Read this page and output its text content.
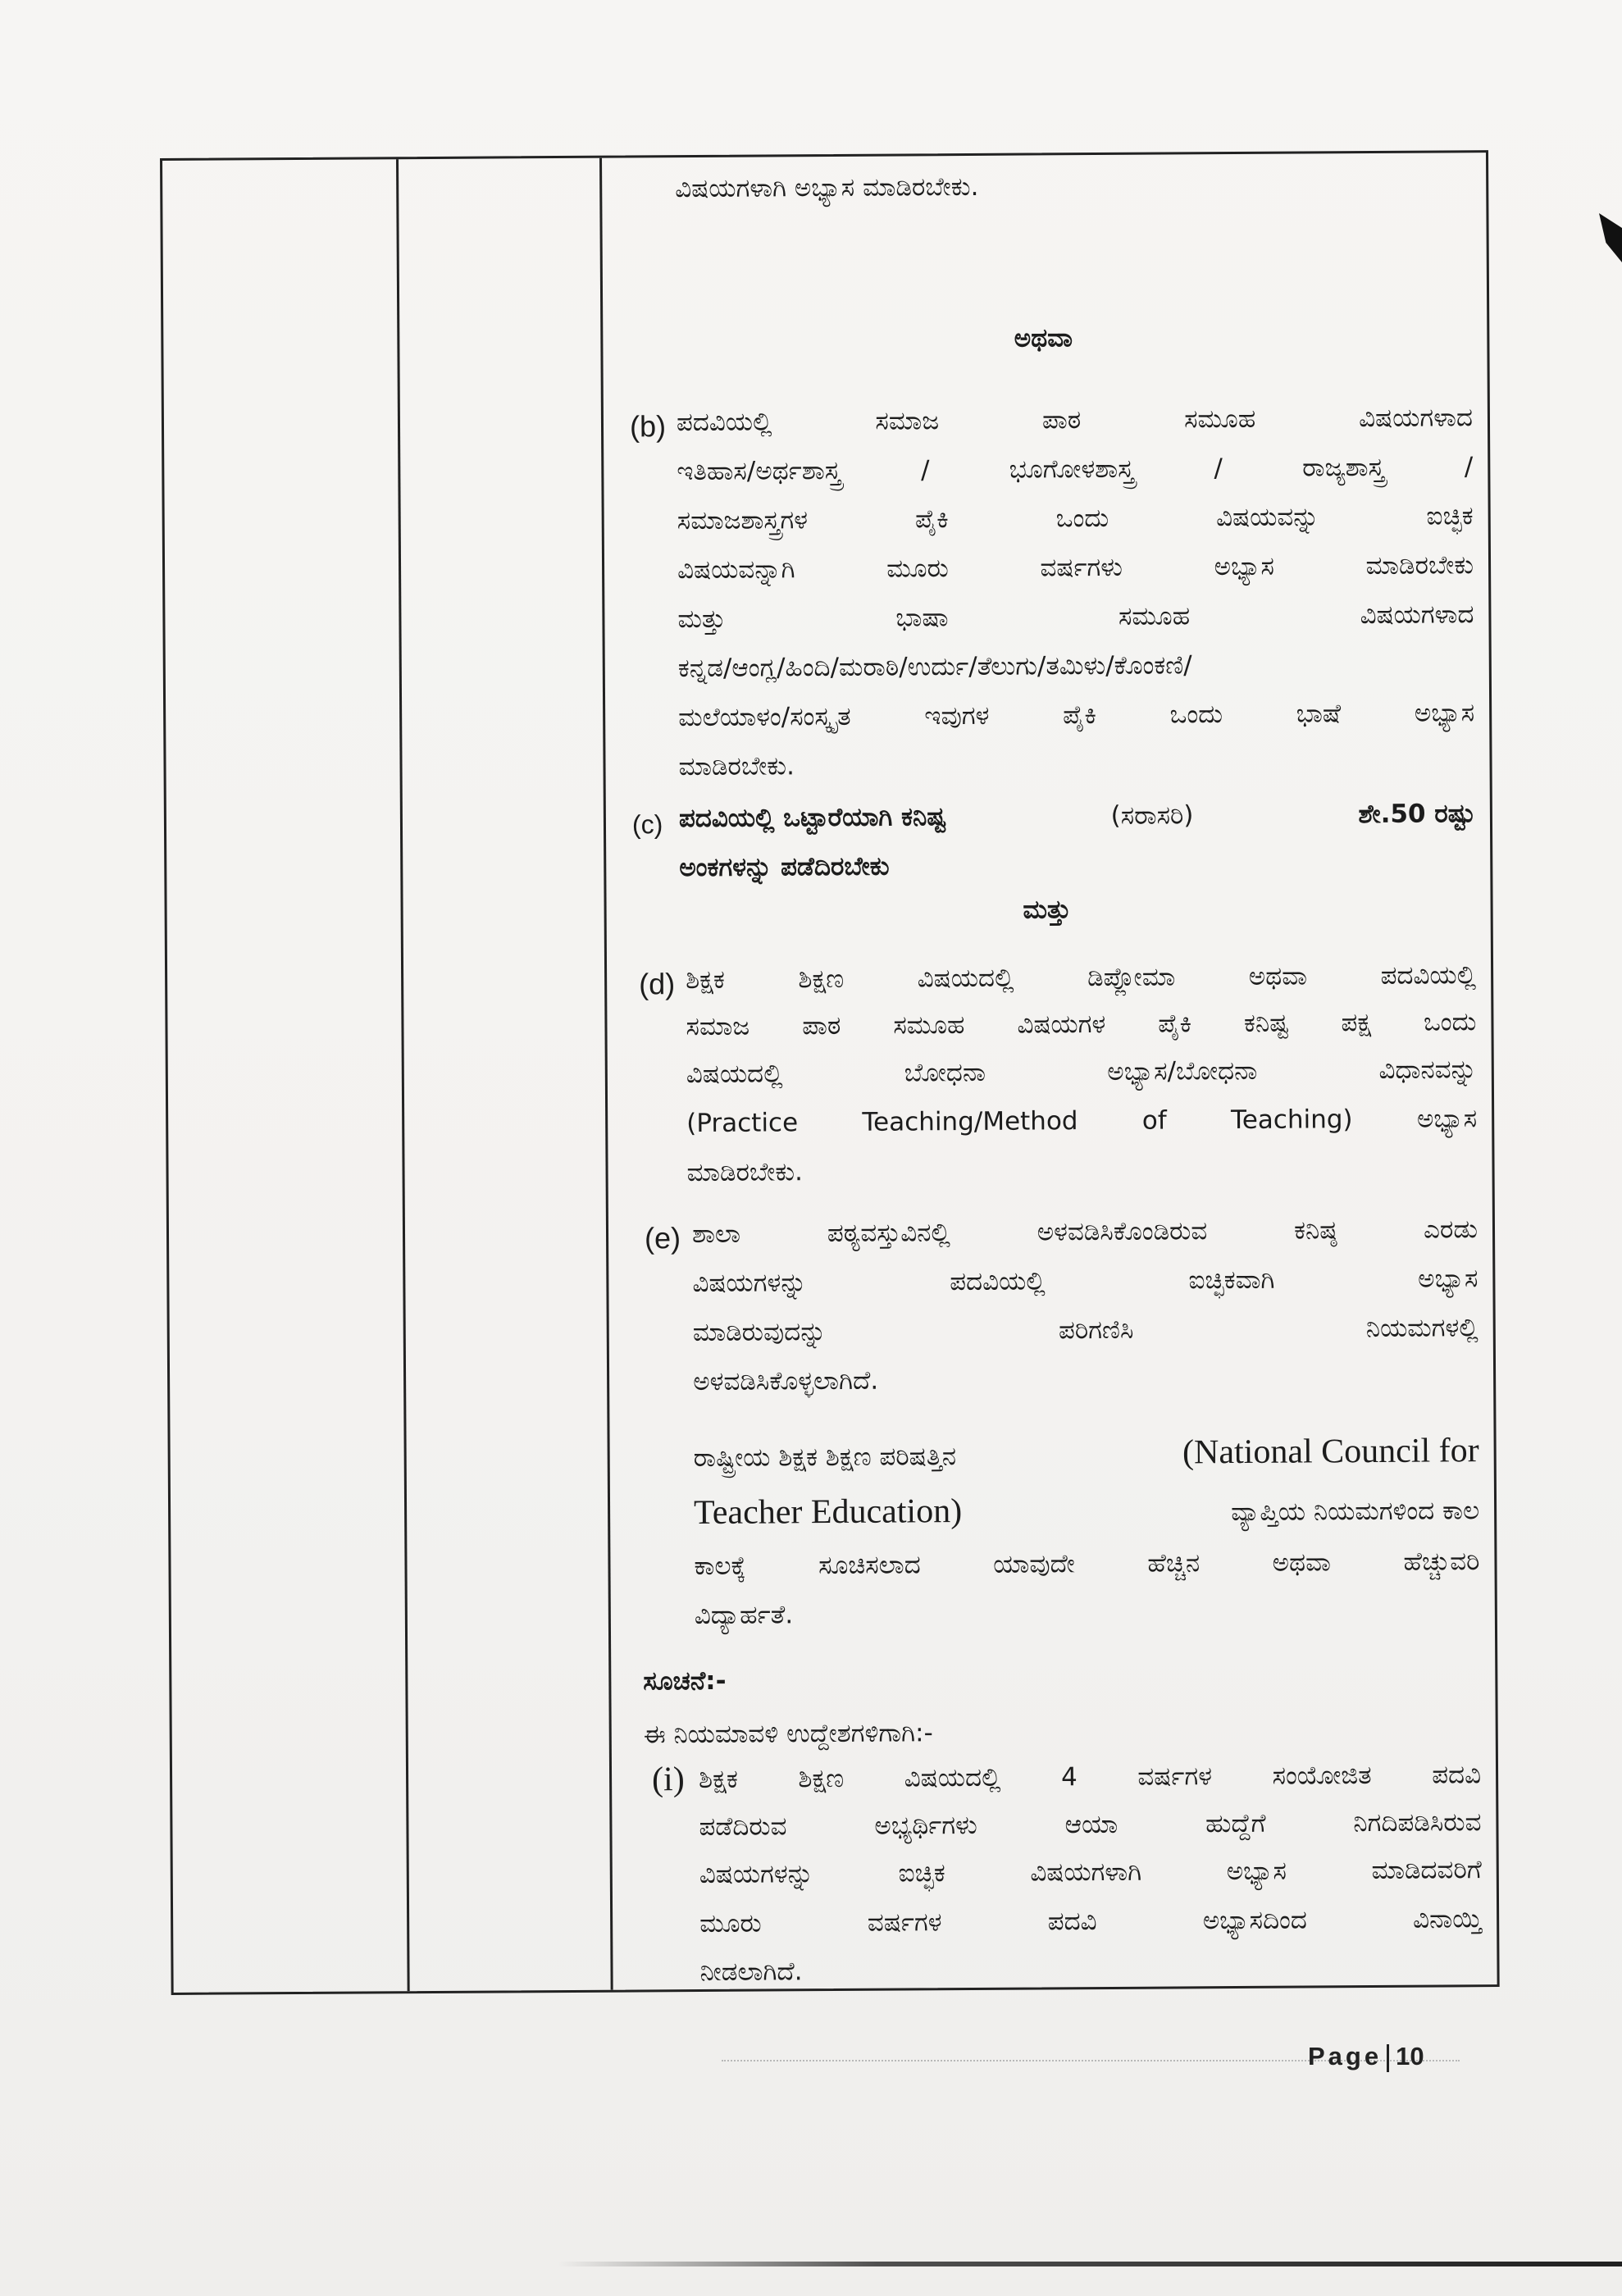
ವಿಷಯಗಳಾಗಿ ಅಭ್ಯಾಸ ಮಾಡಿರಬೇಕು.
ಅಥವಾ
(b) ಪದವಿಯಲ್ಲಿ ಸಮಾಜ ಪಾಠ ಸಮೂಹ ವಿಷಯಗಳಾದ
ಇತಿಹಾಸ/ಅರ್ಥಶಾಸ್ತ್ರ / ಭೂಗೋಳಶಾಸ್ತ್ರ / ರಾಜ್ಯಶಾಸ್ತ್ರ /
ಸಮಾಜಶಾಸ್ತ್ರಗಳ ಪೈಕಿ ಒಂದು ವಿಷಯವನ್ನು ಐಚ್ಛಿಕ
ವಿಷಯವನ್ನಾಗಿ ಮೂರು ವರ್ಷಗಳು ಅಭ್ಯಾಸ ಮಾಡಿರಬೇಕು
ಮತ್ತು ಭಾಷಾ ಸಮೂಹ ವಿಷಯಗಳಾದ
ಕನ್ನಡ/ಆಂಗ್ಲ/ಹಿಂದಿ/ಮರಾಠಿ/ಉರ್ದು/ತೆಲುಗು/ತಮಿಳು/ಕೊಂಕಣಿ/
ಮಲೆಯಾಳಂ/ಸಂಸ್ಕೃತ ಇವುಗಳ ಪೈಕಿ ಒಂದು ಭಾಷೆ ಅಭ್ಯಾಸ
ಮಾಡಿರಬೇಕು.
(c) ಪದವಿಯಲ್ಲಿ ಒಟ್ಟಾರೆಯಾಗಿ ಕನಿಷ್ಟ	(ಸರಾಸರಿ)	ಶೇ.50 ರಷ್ಟು
ಅಂಕಗಳನ್ನು ಪಡೆದಿರಬೇಕು
ಮತ್ತು
(d) ಶಿಕ್ಷಕ ಶಿಕ್ಷಣ ವಿಷಯದಲ್ಲಿ ಡಿಪ್ಲೋಮಾ ಅಥವಾ ಪದವಿಯಲ್ಲಿ
ಸಮಾಜ ಪಾಠ ಸಮೂಹ ವಿಷಯಗಳ ಪೈಕಿ ಕನಿಷ್ಟ ಪಕ್ಷ ಒಂದು
ವಿಷಯದಲ್ಲಿ ಬೋಧನಾ ಅಭ್ಯಾಸ/ಬೋಧನಾ ವಿಧಾನವನ್ನು
(Practice Teaching/Method of Teaching) ಅಭ್ಯಾಸ
ಮಾಡಿರಬೇಕು.
(e) ಶಾಲಾ ಪಠ್ಯವಸ್ತುವಿನಲ್ಲಿ ಅಳವಡಿಸಿಕೊಂಡಿರುವ ಕನಿಷ್ಠ ಎರಡು
ವಿಷಯಗಳನ್ನು ಪದವಿಯಲ್ಲಿ ಐಚ್ಛಿಕವಾಗಿ ಅಭ್ಯಾಸ
ಮಾಡಿರುವುದನ್ನು ಪರಿಗಣಿಸಿ ನಿಯಮಗಳಲ್ಲಿ
ಅಳವಡಿಸಿಕೊಳ್ಳಲಾಗಿದೆ.
ರಾಷ್ಟ್ರೀಯ ಶಿಕ್ಷಕ ಶಿಕ್ಷಣ ಪರಿಷತ್ತಿನ	(National Council for
Teacher Education)	ವ್ಯಾಪ್ತಿಯ ನಿಯಮಗಳಿಂದ ಕಾಲ
ಕಾಲಕ್ಕೆ ಸೂಚಿಸಲಾದ ಯಾವುದೇ ಹೆಚ್ಚಿನ ಅಥವಾ ಹೆಚ್ಚುವರಿ
ವಿದ್ಯಾರ್ಹತೆ.
ಸೂಚನೆ:-
ಈ ನಿಯಮಾವಳಿ ಉದ್ದೇಶಗಳಿಗಾಗಿ:-
(i) ಶಿಕ್ಷಕ ಶಿಕ್ಷಣ ವಿಷಯದಲ್ಲಿ 4 ವರ್ಷಗಳ ಸಂಯೋಜಿತ ಪದವಿ
ಪಡೆದಿರುವ ಅಭ್ಯರ್ಥಿಗಳು ಆಯಾ ಹುದ್ದೆಗೆ ನಿಗದಿಪಡಿಸಿರುವ
ವಿಷಯಗಳನ್ನು ಐಚ್ಛಿಕ ವಿಷಯಗಳಾಗಿ ಅಭ್ಯಾಸ ಮಾಡಿದವರಿಗೆ
ಮೂರು ವರ್ಷಗಳ ಪದವಿ ಅಭ್ಯಾಸದಿಂದ ವಿನಾಯ್ತಿ
ನೀಡಲಾಗಿದೆ.
Page 10
